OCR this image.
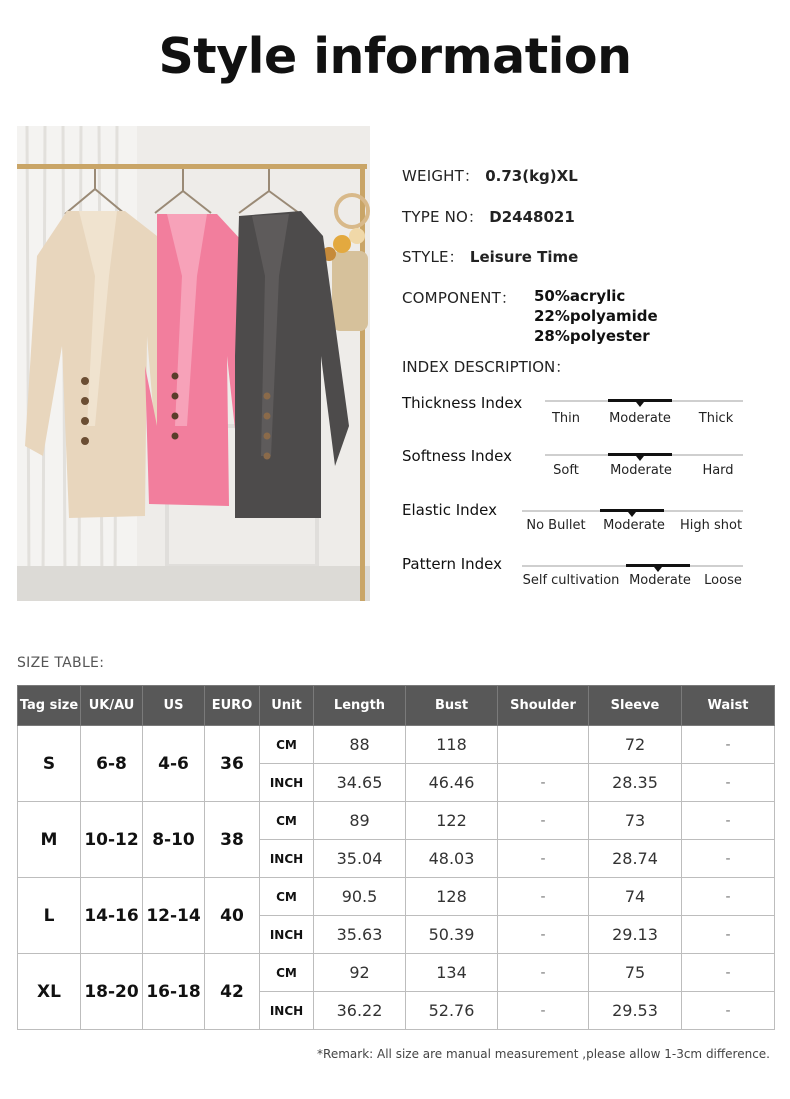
Style information
WEIGHT： 0.73(kg)XL
TYPE NO： D2448021
STYLE： Leisure Time
COMPONENT： 50%acrylic
22%polyamide
28%polyester
INDEX DESCRIPTION：
Thickness Index
Thin Moderate Thick
Softness Index
Soft Moderate Hard
Elastic Index
No Bullet Moderate High shot
Pattern Index
Self cultivation Moderate Loose
SIZE TABLE:
Tag size	UK/AU	US	EURO	Unit	Length	Bust	Shoulder	Sleeve	Waist
S	6-8	4-6	36	CM	88	118		72	-
				INCH	34.65	46.46	-	28.35	-
M	10-12	8-10	38	CM	89	122	-	73	-
				INCH	35.04	48.03	-	28.74	-
L	14-16	12-14	40	CM	90.5	128	-	74	-
				INCH	35.63	50.39	-	29.13	-
XL	18-20	16-18	42	CM	92	134	-	75	-
				INCH	36.22	52.76	-	29.53	-
*Remark: All size are manual measurement ,please allow 1-3cm difference.
